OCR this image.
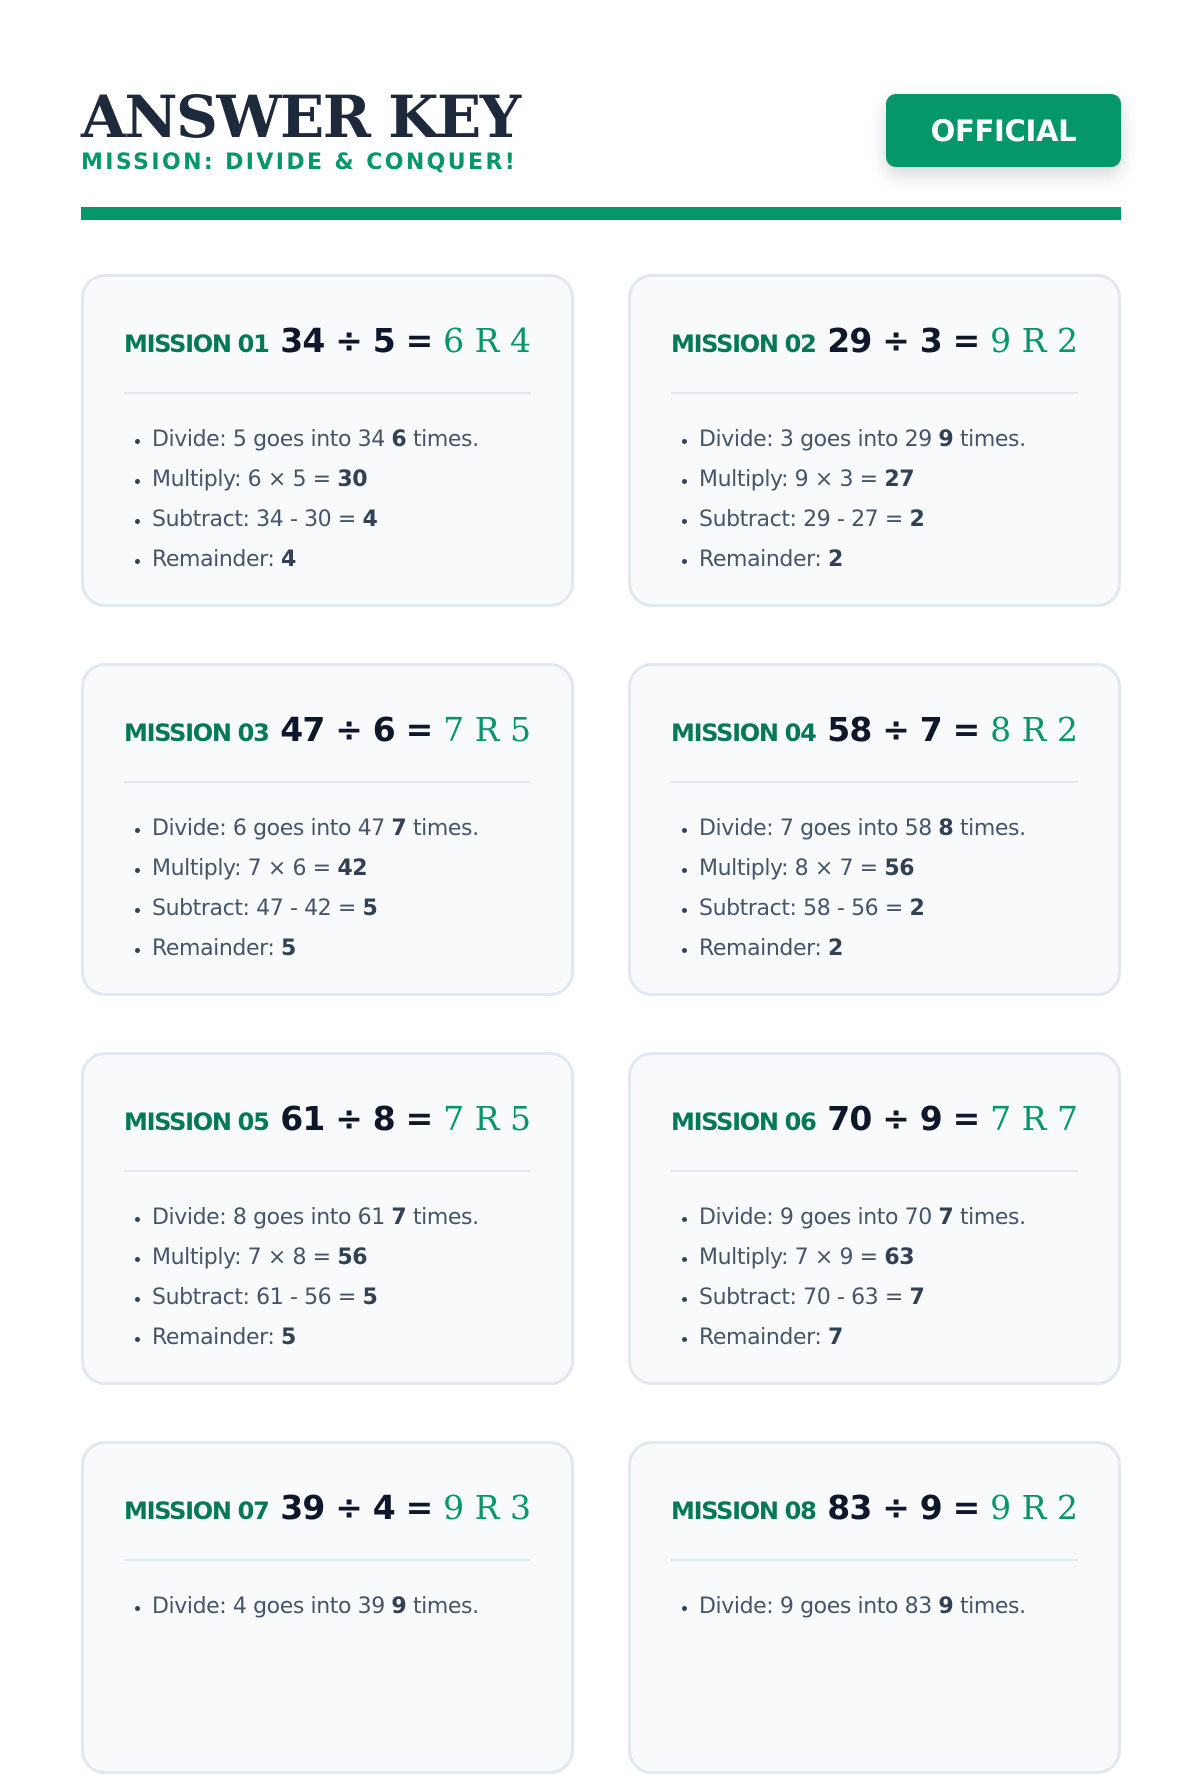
ANSWER KEY
MISSION: DIVIDE & CONQUER!
OFFICIAL
MISSION 01 34 ÷ 5 = 6 R 4
• Divide: 5 goes into 34 6 times.
• Multiply: 6 × 5 = 30
• Subtract: 34 - 30 = 4
• Remainder: 4
MISSION 02 29 ÷ 3 = 9 R 2
• Divide: 3 goes into 29 9 times.
• Multiply: 9 × 3 = 27
• Subtract: 29 - 27 = 2
• Remainder: 2
MISSION 03 47 ÷ 6 = 7 R 5
• Divide: 6 goes into 47 7 times.
• Multiply: 7 × 6 = 42
• Subtract: 47 - 42 = 5
• Remainder: 5
MISSION 04 58 ÷ 7 = 8 R 2
• Divide: 7 goes into 58 8 times.
• Multiply: 8 × 7 = 56
• Subtract: 58 - 56 = 2
• Remainder: 2
MISSION 05 61 ÷ 8 = 7 R 5
• Divide: 8 goes into 61 7 times.
• Multiply: 7 × 8 = 56
• Subtract: 61 - 56 = 5
• Remainder: 5
MISSION 06 70 ÷ 9 = 7 R 7
• Divide: 9 goes into 70 7 times.
• Multiply: 7 × 9 = 63
• Subtract: 70 - 63 = 7
• Remainder: 7
MISSION 07 39 ÷ 4 = 9 R 3
• Divide: 4 goes into 39 9 times.
MISSION 08 83 ÷ 9 = 9 R 2
• Divide: 9 goes into 83 9 times.
